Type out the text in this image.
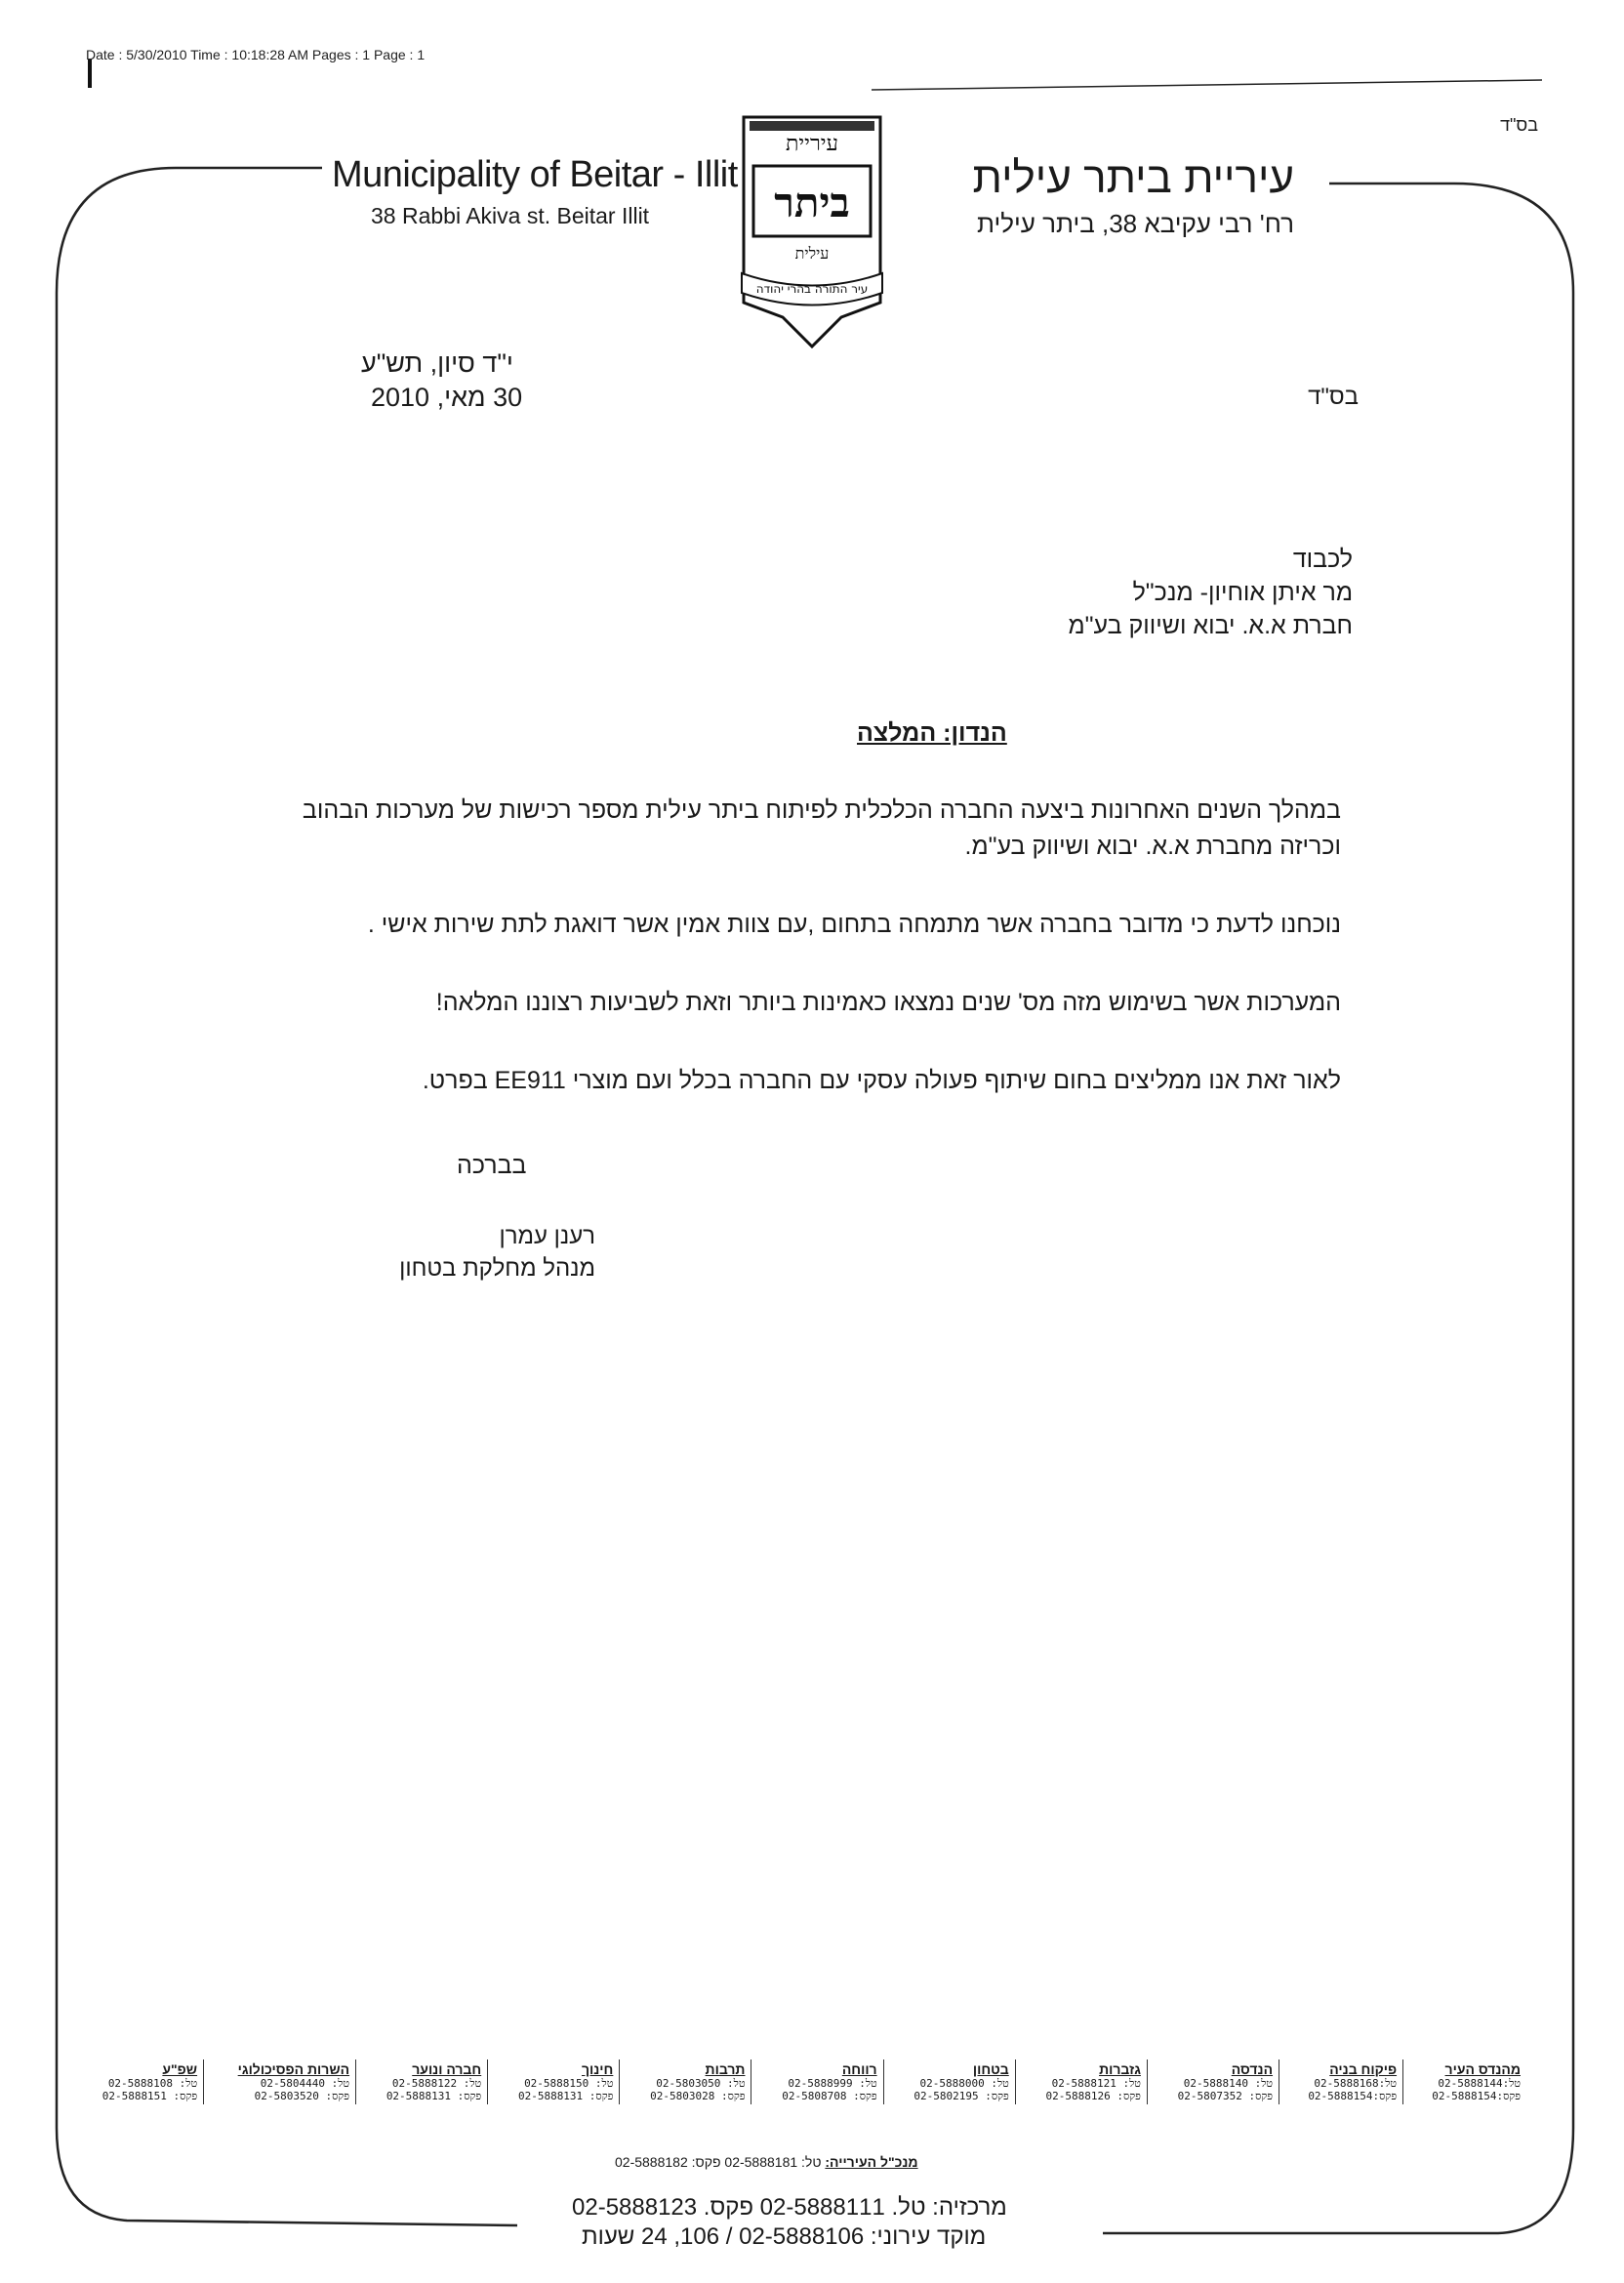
Date : 5/30/2010 Time : 10:18:28 AM Pages : 1 Page : 1
בס"ד
Municipality of Beitar - Illit
38 Rabbi Akiva st. Beitar Illit
עיריית ביתר עילית
רח' רבי עקיבא 38, ביתר עילית
עיריית
ביתר
עילית
עיר התורה בהרי יהודה
י"ד סיון, תש"ע
30 מאי, 2010	בס"ד
לכבוד
מר איתן אוחיון- מנכ"ל
חברת א.א. יבוא ושיווק בע"מ
הנדון: המלצה

במהלך השנים האחרונות ביצעה החברה הכלכלית לפיתוח ביתר עילית מספר רכישות של מערכות הבהוב וכריזה מחברת א.א. יבוא ושיווק בע"מ.

נוכחנו לדעת כי מדובר בחברה אשר מתמחה בתחום ,עם צוות אמין אשר דואגת לתת שירות אישי .

המערכות אשר בשימוש מזה מס' שנים נמצאו כאמינות ביותר וזאת לשביעות רצוננו המלאה!

לאור זאת אנו ממליצים בחום שיתוף פעולה עסקי עם החברה בכלל ועם מוצרי EE911 בפרט.

בברכה
רענן עמרן
מנהל מחלקת בטחון
מהנדס העיר
טל:02-5888144
פקס:02-5888154

פיקוח בניה
טל:02-5888168
פקס:02-5888154

הנדסה
טל: 02-5888140
פקס: 02-5807352

גזברות
טל: 02-5888121
פקס: 02-5888126

בטחון
טל: 02-5888000
פקס: 02-5802195

רווחה
טל: 02-5888999
פקס: 02-5808708

תרבות
טל: 02-5803050
פקס: 02-5803028

חינוך
טל: 02-5888150
פקס: 02-5888131

חברה ונוער
טל: 02-5888122
פקס: 02-5888131

השרות הפסיכולוגי
טל: 02-5804440
פקס: 02-5803520

שפ"ע
טל: 02-5888108
פקס: 02-5888151
מנכ"ל העירייה: טל: 02-5888181 פקס: 02-5888182
מרכזיה: טל. 02-5888111 פקס. 02-5888123
מוקד עירוני: 02-5888106 / 106, 24 שעות
